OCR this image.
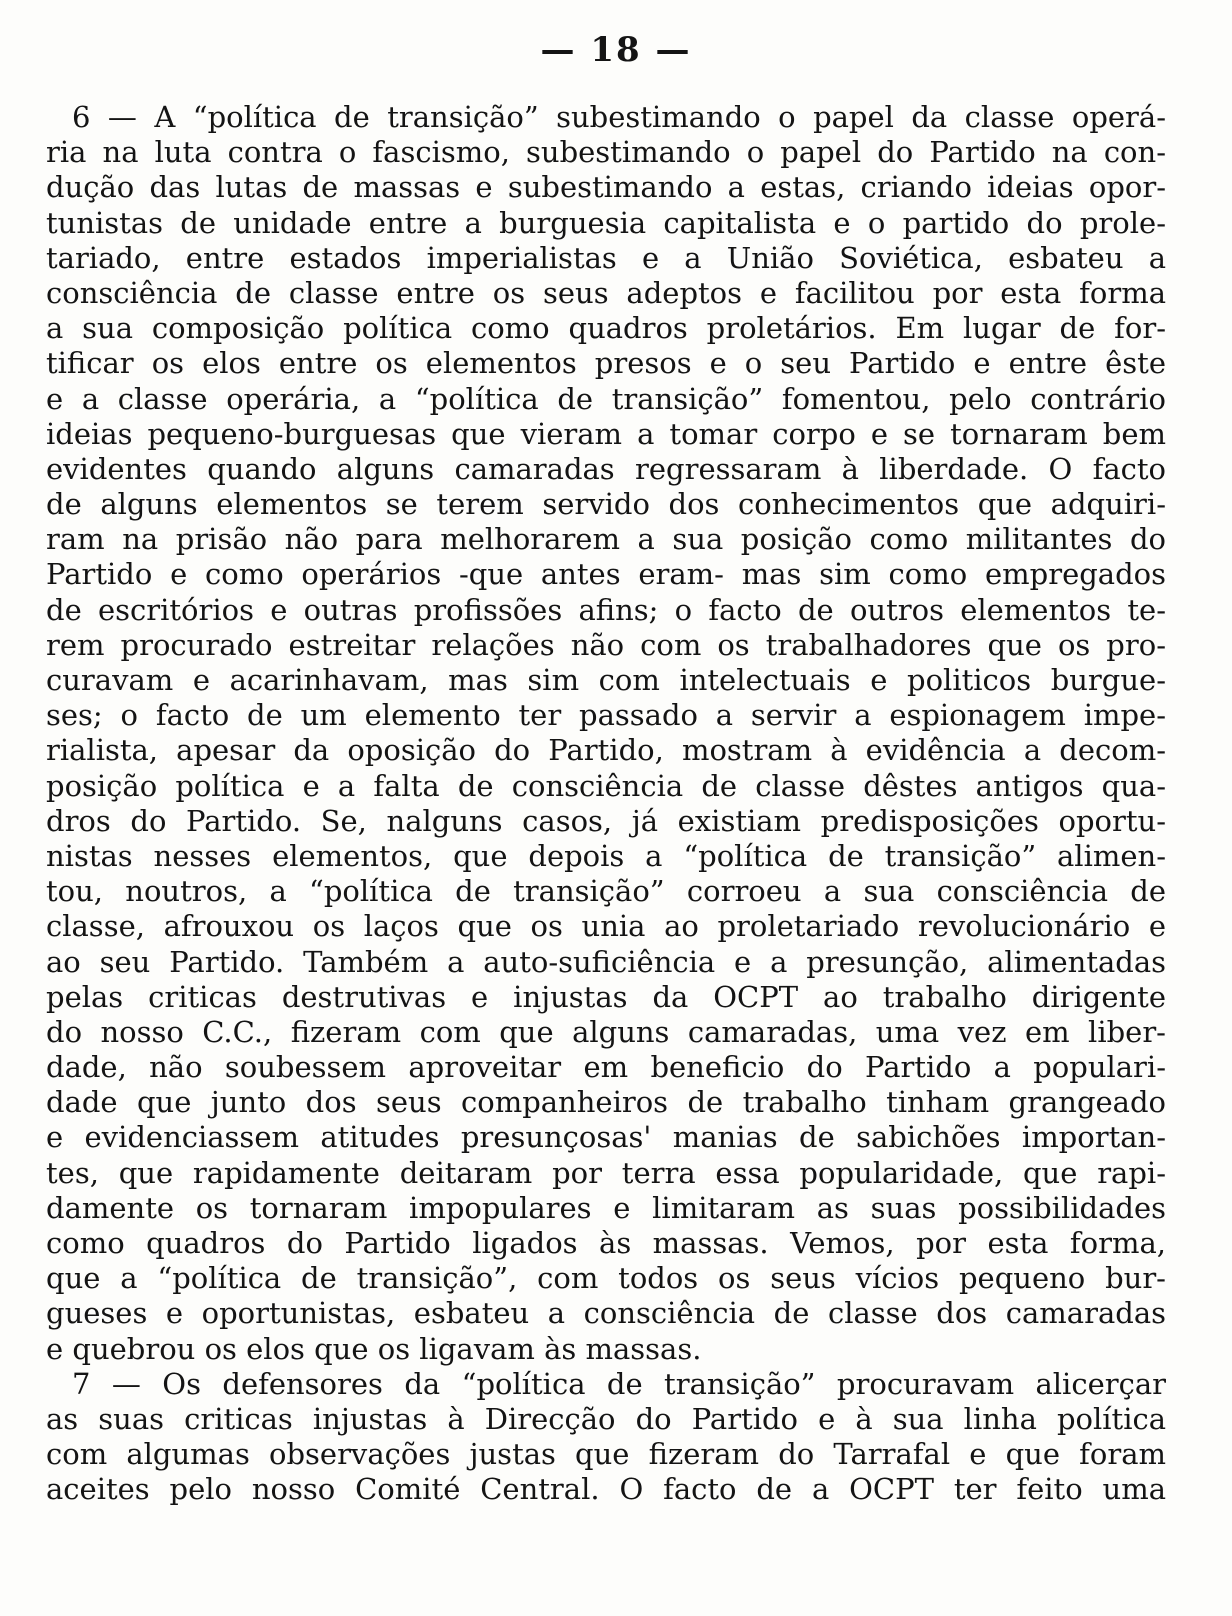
— 18 —
6 — A “política de transição” subestimando o papel da classe operá-
ria na luta contra o fascismo, subestimando o papel do Partido na con-
dução das lutas de massas e subestimando a estas, criando ideias opor-
tunistas de unidade entre a burguesia capitalista e o partido do prole-
tariado, entre estados imperialistas e a União Soviética, esbateu a
consciência de classe entre os seus adeptos e facilitou por esta forma
a sua composição política como quadros proletários. Em lugar de for-
tificar os elos entre os elementos presos e o seu Partido e entre êste
e a classe operária, a “política de transição” fomentou, pelo contrário
ideias pequeno-burguesas que vieram a tomar corpo e se tornaram bem
evidentes quando alguns camaradas regressaram à liberdade. O facto
de alguns elementos se terem servido dos conhecimentos que adquiri-
ram na prisão não para melhorarem a sua posição como militantes do
Partido e como operários -que antes eram- mas sim como empregados
de escritórios e outras profissões afins; o facto de outros elementos te-
rem procurado estreitar relações não com os trabalhadores que os pro-
curavam e acarinhavam, mas sim com intelectuais e politicos burgue-
ses; o facto de um elemento ter passado a servir a espionagem impe-
rialista, apesar da oposição do Partido, mostram à evidência a decom-
posição política e a falta de consciência de classe dêstes antigos qua-
dros do Partido. Se, nalguns casos, já existiam predisposições oportu-
nistas nesses elementos, que depois a “política de transição” alimen-
tou, noutros, a “política de transição” corroeu a sua consciência de
classe, afrouxou os laços que os unia ao proletariado revolucionário e
ao seu Partido. Também a auto-suficiência e a presunção, alimentadas
pelas criticas destrutivas e injustas da OCPT ao trabalho dirigente
do nosso C.C., fizeram com que alguns camaradas, uma vez em liber-
dade, não soubessem aproveitar em beneficio do Partido a populari-
dade que junto dos seus companheiros de trabalho tinham grangeado
e evidenciassem atitudes presunçosas' manias de sabichões importan-
tes, que rapidamente deitaram por terra essa popularidade, que rapi-
damente os tornaram impopulares e limitaram as suas possibilidades
como quadros do Partido ligados às massas. Vemos, por esta forma,
que a “política de transição”, com todos os seus vícios pequeno bur-
gueses e oportunistas, esbateu a consciência de classe dos camaradas
e quebrou os elos que os ligavam às massas.
7 — Os defensores da “política de transição” procuravam alicerçar
as suas criticas injustas à Direcção do Partido e à sua linha política
com algumas observações justas que fizeram do Tarrafal e que foram
aceites pelo nosso Comité Central. O facto de a OCPT ter feito uma
